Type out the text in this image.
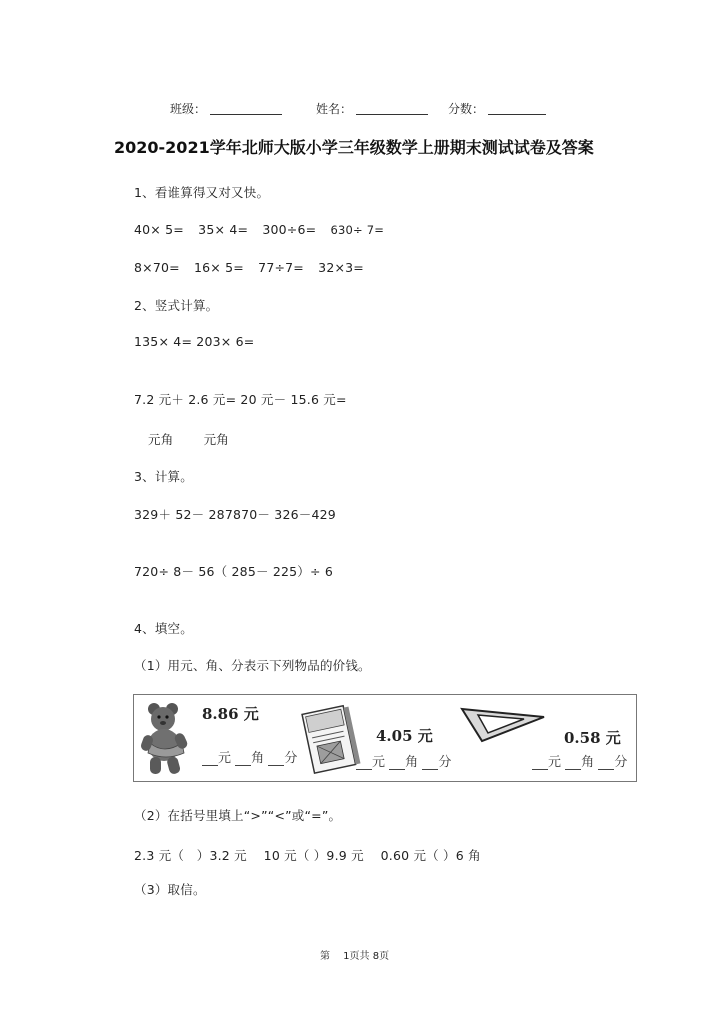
班级：	姓名：	分数：
2020-2021学年北师大版小学三年级数学上册期末测试试卷及答案
1、看谁算得又对又快。
40× 5= 35× 4= 300÷6= 630÷ 7=
8×70= 16× 5= 77÷7= 32×3=
2、竖式计算。
135× 4= 203× 6=
7.2 元＋ 2.6 元= 20 元－ 15.6 元=
元角 元角
3、计算。
329＋ 52－ 287870－ 326－429
720÷ 8－ 56（ 285－ 225）÷ 6
4、填空。
（1）用元、角、分表示下列物品的价钱。
8.86 元
元 角 分
4.05 元
元 角 分
0.58 元
元 角 分
（2）在括号里填上“>”“<”或“=”。
2.3 元（　）3.2 元　 10 元（ ）9.9 元　 0.60 元（ ）6 角
（3）取信。
第　 1页共 8页
